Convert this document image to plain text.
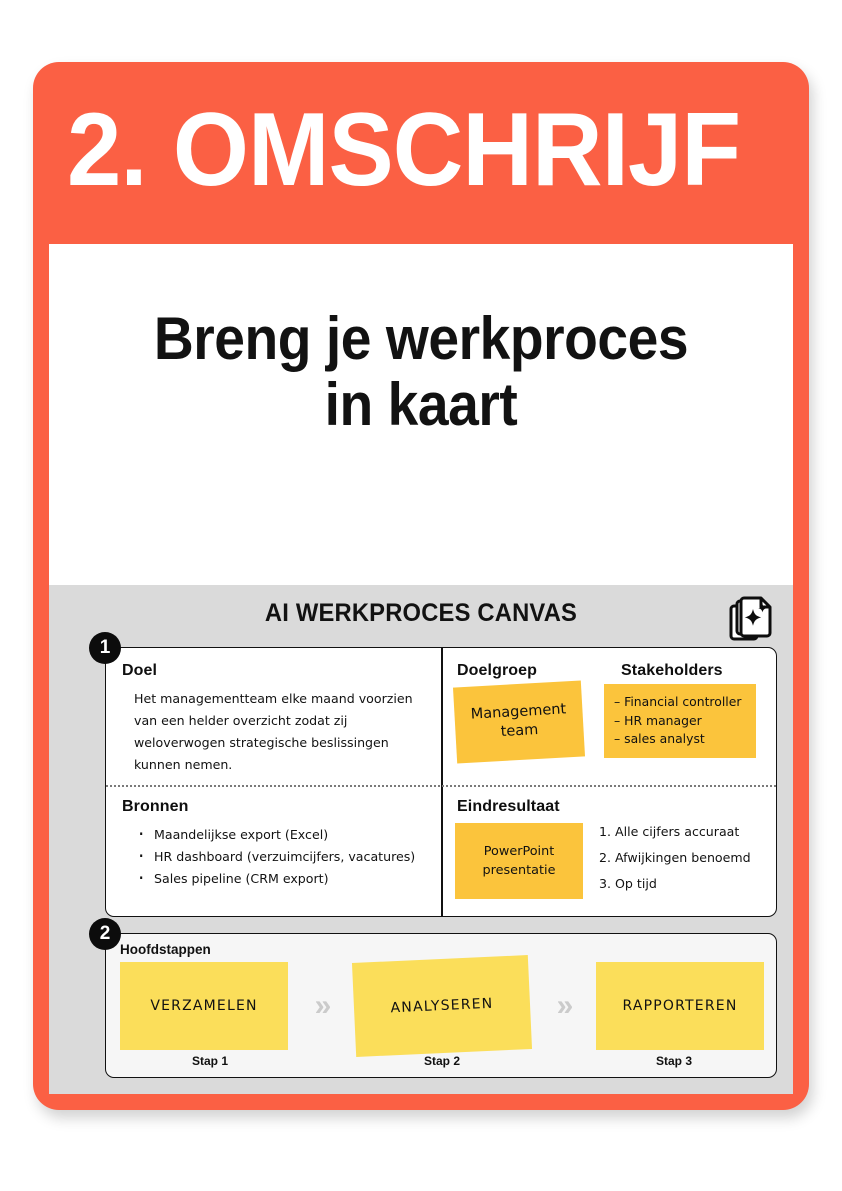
2. OMSCHRIJF
Breng je werkproces
in kaart
AI WERKPROCES CANVAS
1
2
Doel
Het managementteam elke maand voorzien van een helder overzicht zodat zij weloverwogen strategische beslissingen kunnen nemen.
Bronnen
· Maandelijkse export (Excel)
· HR dashboard (verzuimcijfers, vacatures)
· Sales pipeline (CRM export)
Doelgroep	Stakeholders
Management team
– Financial controller
– HR manager
– sales analyst
Eindresultaat
PowerPoint presentatie
1. Alle cijfers accuraat
2. Afwijkingen benoemd
3. Op tijd
Hoofdstappen
VERZAMELEN	»	ANALYSEREN	»	RAPPORTEREN
Stap 1	Stap 2	Stap 3
